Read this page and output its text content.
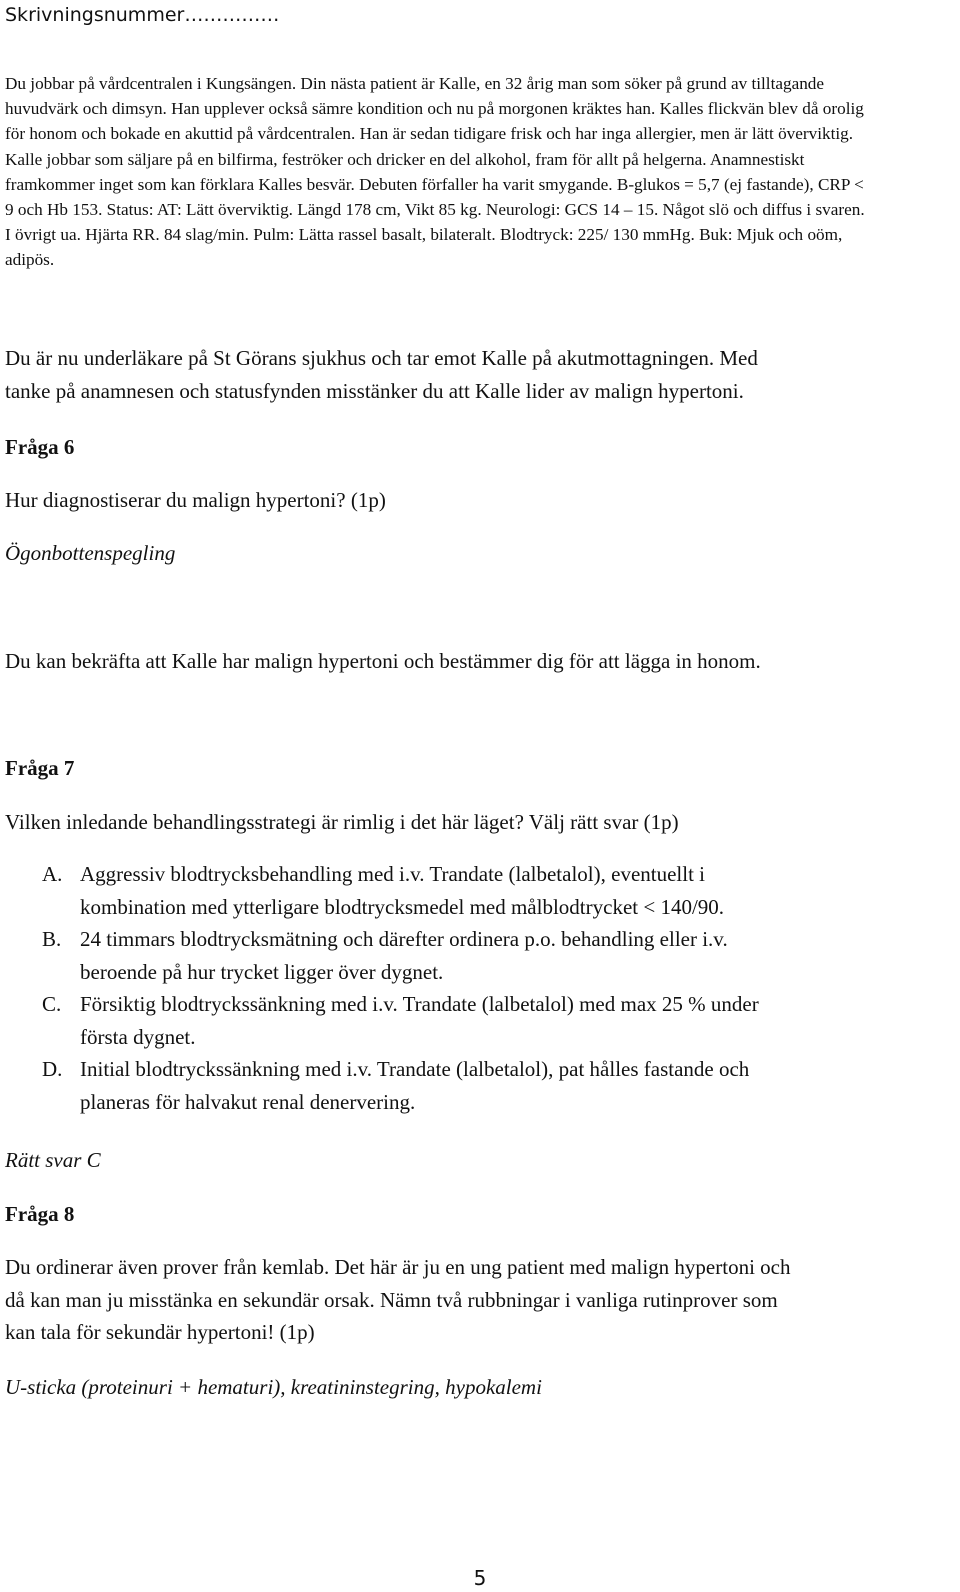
Skrivningsnummer……………
Du jobbar på vårdcentralen i Kungsängen. Din nästa patient är Kalle, en 32 årig man som söker på grund av tilltagande
huvudvärk och dimsyn. Han upplever också sämre kondition och nu på morgonen kräktes han. Kalles flickvän blev då orolig
för honom och bokade en akuttid på vårdcentralen. Han är sedan tidigare frisk och har inga allergier, men är lätt överviktig.
Kalle jobbar som säljare på en bilfirma, feströker och dricker en del alkohol, fram för allt på helgerna. Anamnestiskt
framkommer inget som kan förklara Kalles besvär. Debuten förfaller ha varit smygande. B-glukos = 5,7 (ej fastande), CRP <
9 och Hb 153. Status: AT: Lätt överviktig. Längd 178 cm, Vikt 85 kg. Neurologi: GCS 14 – 15. Något slö och diffus i svaren.
I övrigt ua. Hjärta RR. 84 slag/min. Pulm: Lätta rassel basalt, bilateralt. Blodtryck: 225/ 130 mmHg. Buk: Mjuk och oöm,
adipös.
Du är nu underläkare på St Görans sjukhus och tar emot Kalle på akutmottagningen. Med
tanke på anamnesen och statusfynden misstänker du att Kalle lider av malign hypertoni.
Fråga 6
Hur diagnostiserar du malign hypertoni? (1p)
Ögonbottenspegling
Du kan bekräfta att Kalle har malign hypertoni och bestämmer dig för att lägga in honom.
Fråga 7
Vilken inledande behandlingsstrategi är rimlig i det här läget? Välj rätt svar (1p)
A. Aggressiv blodtrycksbehandling med i.v. Trandate (lalbetalol), eventuellt i
kombination med ytterligare blodtrycksmedel med målblodtrycket < 140/90.
B. 24 timmars blodtrycksmätning och därefter ordinera p.o. behandling eller i.v.
beroende på hur trycket ligger över dygnet.
C. Försiktig blodtryckssänkning med i.v. Trandate (lalbetalol) med max 25 % under
första dygnet.
D. Initial blodtryckssänkning med i.v. Trandate (lalbetalol), pat hålles fastande och
planeras för halvakut renal denervering.
Rätt svar C
Fråga 8
Du ordinerar även prover från kemlab. Det här är ju en ung patient med malign hypertoni och
då kan man ju misstänka en sekundär orsak. Nämn två rubbningar i vanliga rutinprover som
kan tala för sekundär hypertoni! (1p)
U-sticka (proteinuri + hematuri), kreatininstegring, hypokalemi
5
